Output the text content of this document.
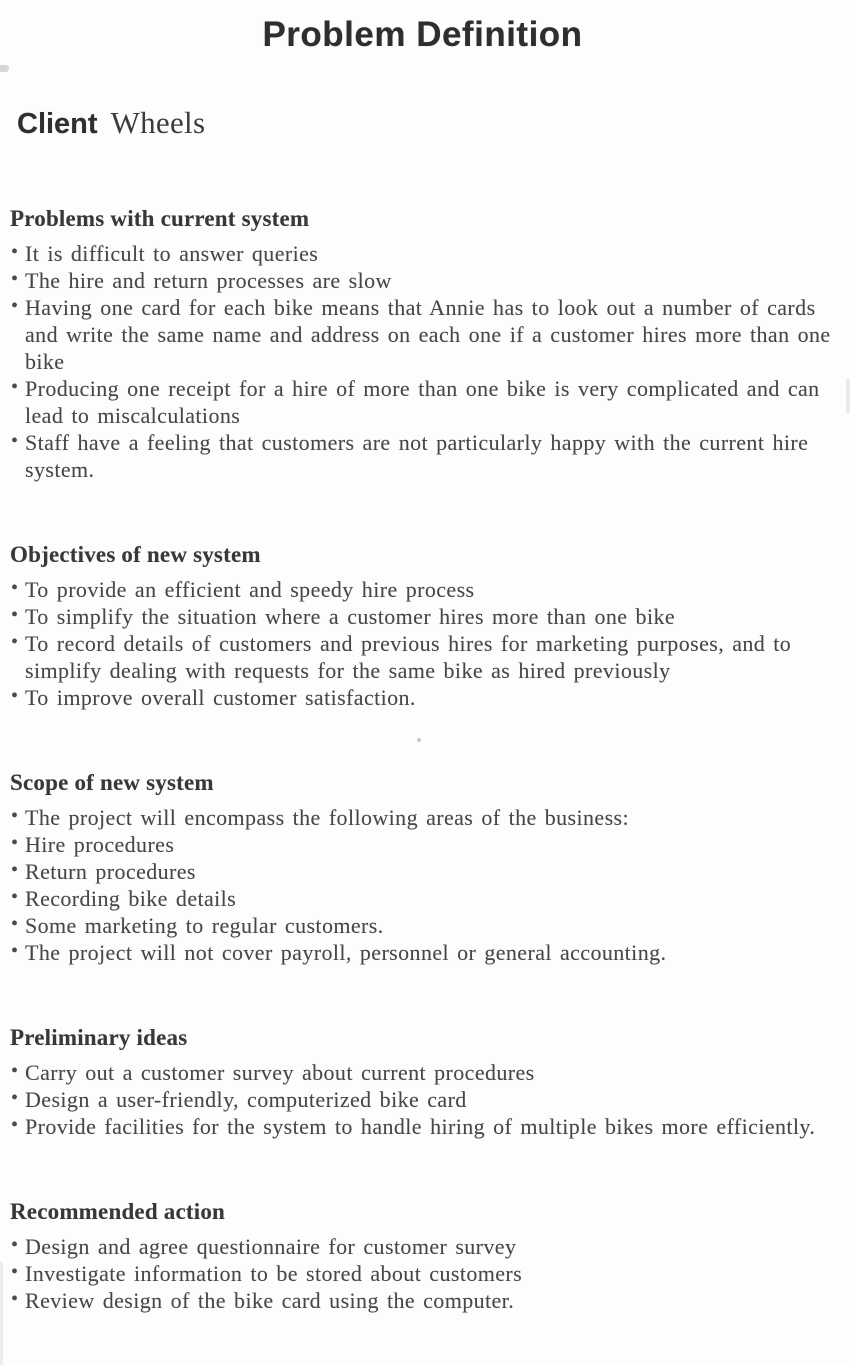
Problem Definition
Client Wheels
Problems with current system
• It is difficult to answer queries
• The hire and return processes are slow
• Having one card for each bike means that Annie has to look out a number of cards and write the same name and address on each one if a customer hires more than one bike
• Producing one receipt for a hire of more than one bike is very complicated and can lead to miscalculations
• Staff have a feeling that customers are not particularly happy with the current hire system.
Objectives of new system
• To provide an efficient and speedy hire process
• To simplify the situation where a customer hires more than one bike
• To record details of customers and previous hires for marketing purposes, and to simplify dealing with requests for the same bike as hired previously
• To improve overall customer satisfaction.
Scope of new system
• The project will encompass the following areas of the business:
• Hire procedures
• Return procedures
• Recording bike details
• Some marketing to regular customers.
• The project will not cover payroll, personnel or general accounting.
Preliminary ideas
• Carry out a customer survey about current procedures
• Design a user-friendly, computerized bike card
• Provide facilities for the system to handle hiring of multiple bikes more efficiently.
Recommended action
• Design and agree questionnaire for customer survey
• Investigate information to be stored about customers
• Review design of the bike card using the computer.
